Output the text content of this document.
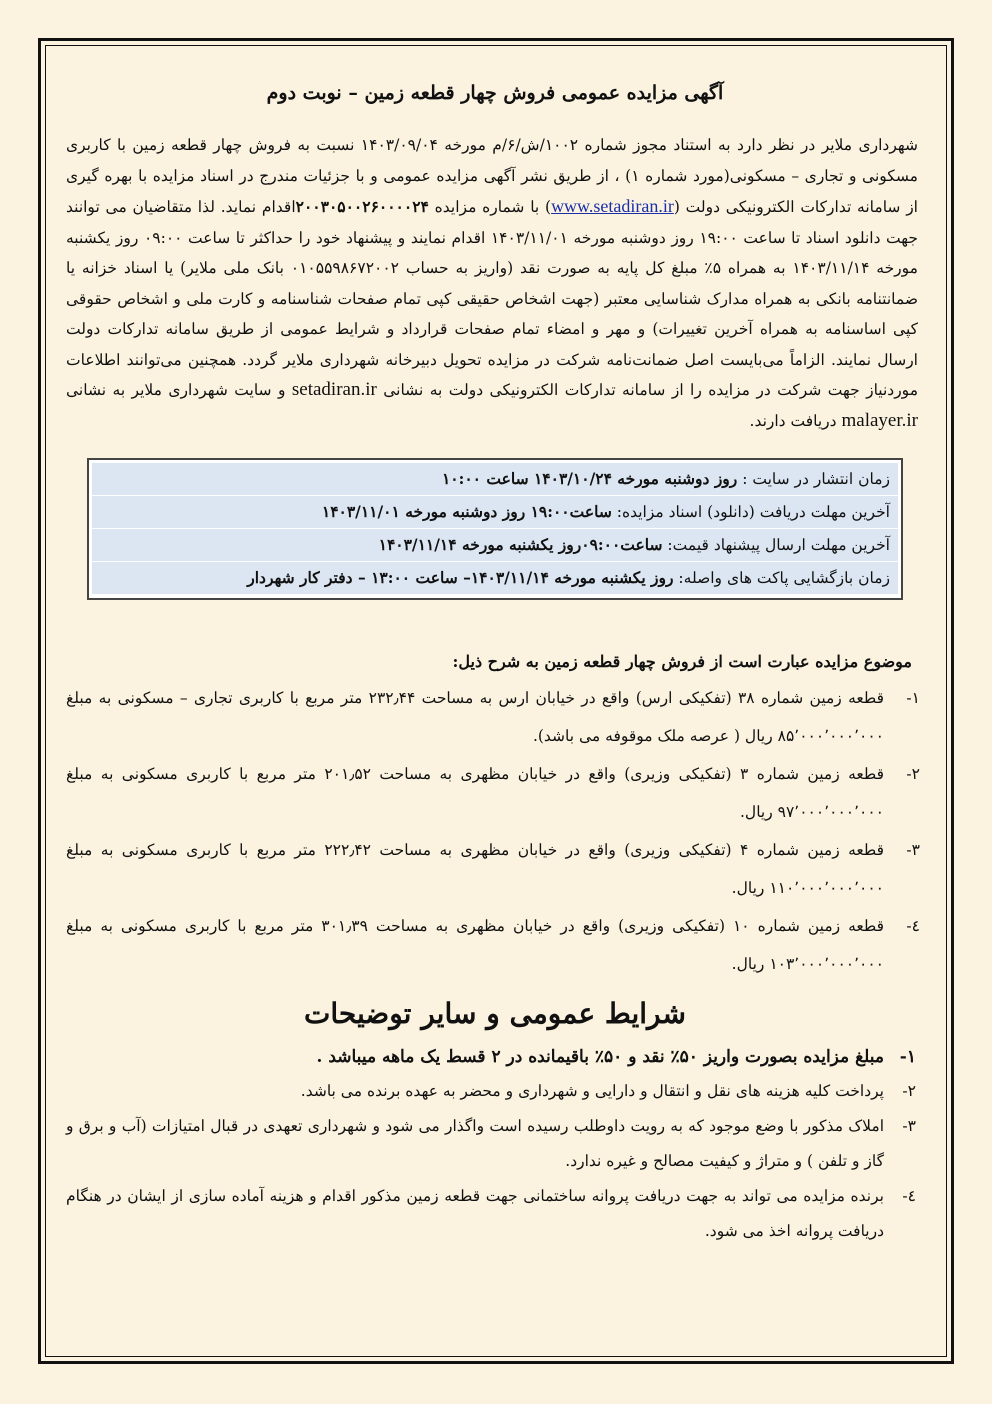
آگهی مزایده عمومی فروش چهار قطعه زمین – نوبت دوم

شهرداری ملایر در نظر دارد به استناد مجوز شماره ۱۰۰۲/ش/۶/م مورخه ۱۴۰۳/۰۹/۰۴ نسبت به فروش چهار قطعه زمین با کاربری مسکونی و تجاری – مسکونی(مورد شماره ۱) ، از طریق نشر آگهی مزایده عمومی و با جزئیات مندرج در اسناد مزایده با بهره گیری از سامانه تدارکات الکترونیکی دولت (www.setadiran.ir) با شماره مزایده ۲۰۰۳۰۵۰۰۲۶۰۰۰۰۲۴اقدام نماید. لذا متقاضیان می توانند جهت دانلود اسناد تا ساعت ۱۹:۰۰ روز دوشنبه مورخه ۱۴۰۳/۱۱/۰۱ اقدام نمایند و پیشنهاد خود را حداکثر تا ساعت ۰۹:۰۰ روز یکشنبه مورخه ۱۴۰۳/۱۱/۱۴ به همراه ۵٪ مبلغ کل پایه به صورت نقد (واریز به حساب ۰۱۰۵۵۹۸۶۷۲۰۰۲ بانک ملی ملایر) یا اسناد خزانه یا ضمانتنامه بانکی به همراه مدارک شناسایی معتبر (جهت اشخاص حقیقی کپی تمام صفحات شناسنامه و کارت ملی و اشخاص حقوقی کپی اساسنامه به همراه آخرین تغییرات) و مهر و امضاء تمام صفحات قرارداد و شرایط عمومی از طریق سامانه تدارکات دولت ارسال نمایند. الزاماً می‌بایست اصل ضمانت‌نامه شرکت در مزایده تحویل دبیرخانه شهرداری ملایر گردد. همچنین می‌توانند اطلاعات موردنیاز جهت شرکت در مزایده را از سامانه تدارکات الکترونیکی دولت به نشانی setadiran.ir و سایت شهرداری ملایر به نشانی malayer.ir دریافت دارند.

زمان انتشار در سایت : روز دوشنبه مورخه ۱۴۰۳/۱۰/۲۴ ساعت ۱۰:۰۰
آخرین مهلت دریافت (دانلود) اسناد مزایده: ساعت۱۹:۰۰ روز دوشنبه مورخه ۱۴۰۳/۱۱/۰۱
آخرین مهلت ارسال پیشنهاد قیمت: ساعت۰۹:۰۰روز یکشنبه مورخه ۱۴۰۳/۱۱/۱۴
زمان بازگشایی پاکت های واصله: روز یکشنبه مورخه ۱۴۰۳/۱۱/۱۴– ساعت ۱۳:۰۰ – دفتر کار شهردار
موضوع مزایده عبارت است از فروش چهار قطعه زمین به شرح ذیل:

۱-
قطعه زمین شماره ۳۸ (تفکیکی ارس) واقع در خیابان ارس به مساحت ۲۳۲٫۴۴ متر مربع با کاربری تجاری – مسکونی به مبلغ ۸۵٬۰۰۰٬۰۰۰٬۰۰۰ ریال ( عرصه ملک موقوفه می باشد).

۲-
قطعه زمین شماره ۳ (تفکیکی وزیری) واقع در خیابان مظهری به مساحت ۲۰۱٫۵۲ متر مربع با کاربری مسکونی به مبلغ ۹۷٬۰۰۰٬۰۰۰٬۰۰۰ ریال.

۳-
قطعه زمین شماره ۴ (تفکیکی وزیری) واقع در خیابان مظهری به مساحت ۲۲۲٫۴۲ متر مربع با کاربری مسکونی به مبلغ ۱۱۰٬۰۰۰٬۰۰۰٬۰۰۰ ریال.

٤-
قطعه زمین شماره ۱۰ (تفکیکی وزیری) واقع در خیابان مظهری به مساحت ۳۰۱٫۳۹ متر مربع با کاربری مسکونی به مبلغ ۱۰۳٬۰۰۰٬۰۰۰٬۰۰۰ ریال.

شرایط عمومی و سایر توضیحات

۱-
مبلغ مزایده بصورت واریز ۵۰٪ نقد و ۵۰٪ باقیمانده در ۲ قسط یک ماهه میباشد .

۲-
پرداخت کلیه هزینه های نقل و انتقال و دارایی و شهرداری و محضر به عهده برنده می باشد.

۳-
املاک مذکور با وضع موجود که به رویت داوطلب رسیده است واگذار می شود و شهرداری تعهدی در قبال امتیازات (آب و برق و گاز و تلفن ) و متراژ و کیفیت مصالح و غیره ندارد.

٤-
برنده مزایده می تواند به جهت دریافت پروانه ساختمانی جهت قطعه زمین مذکور اقدام و هزینه آماده سازی از ایشان در هنگام دریافت پروانه اخذ می شود.
